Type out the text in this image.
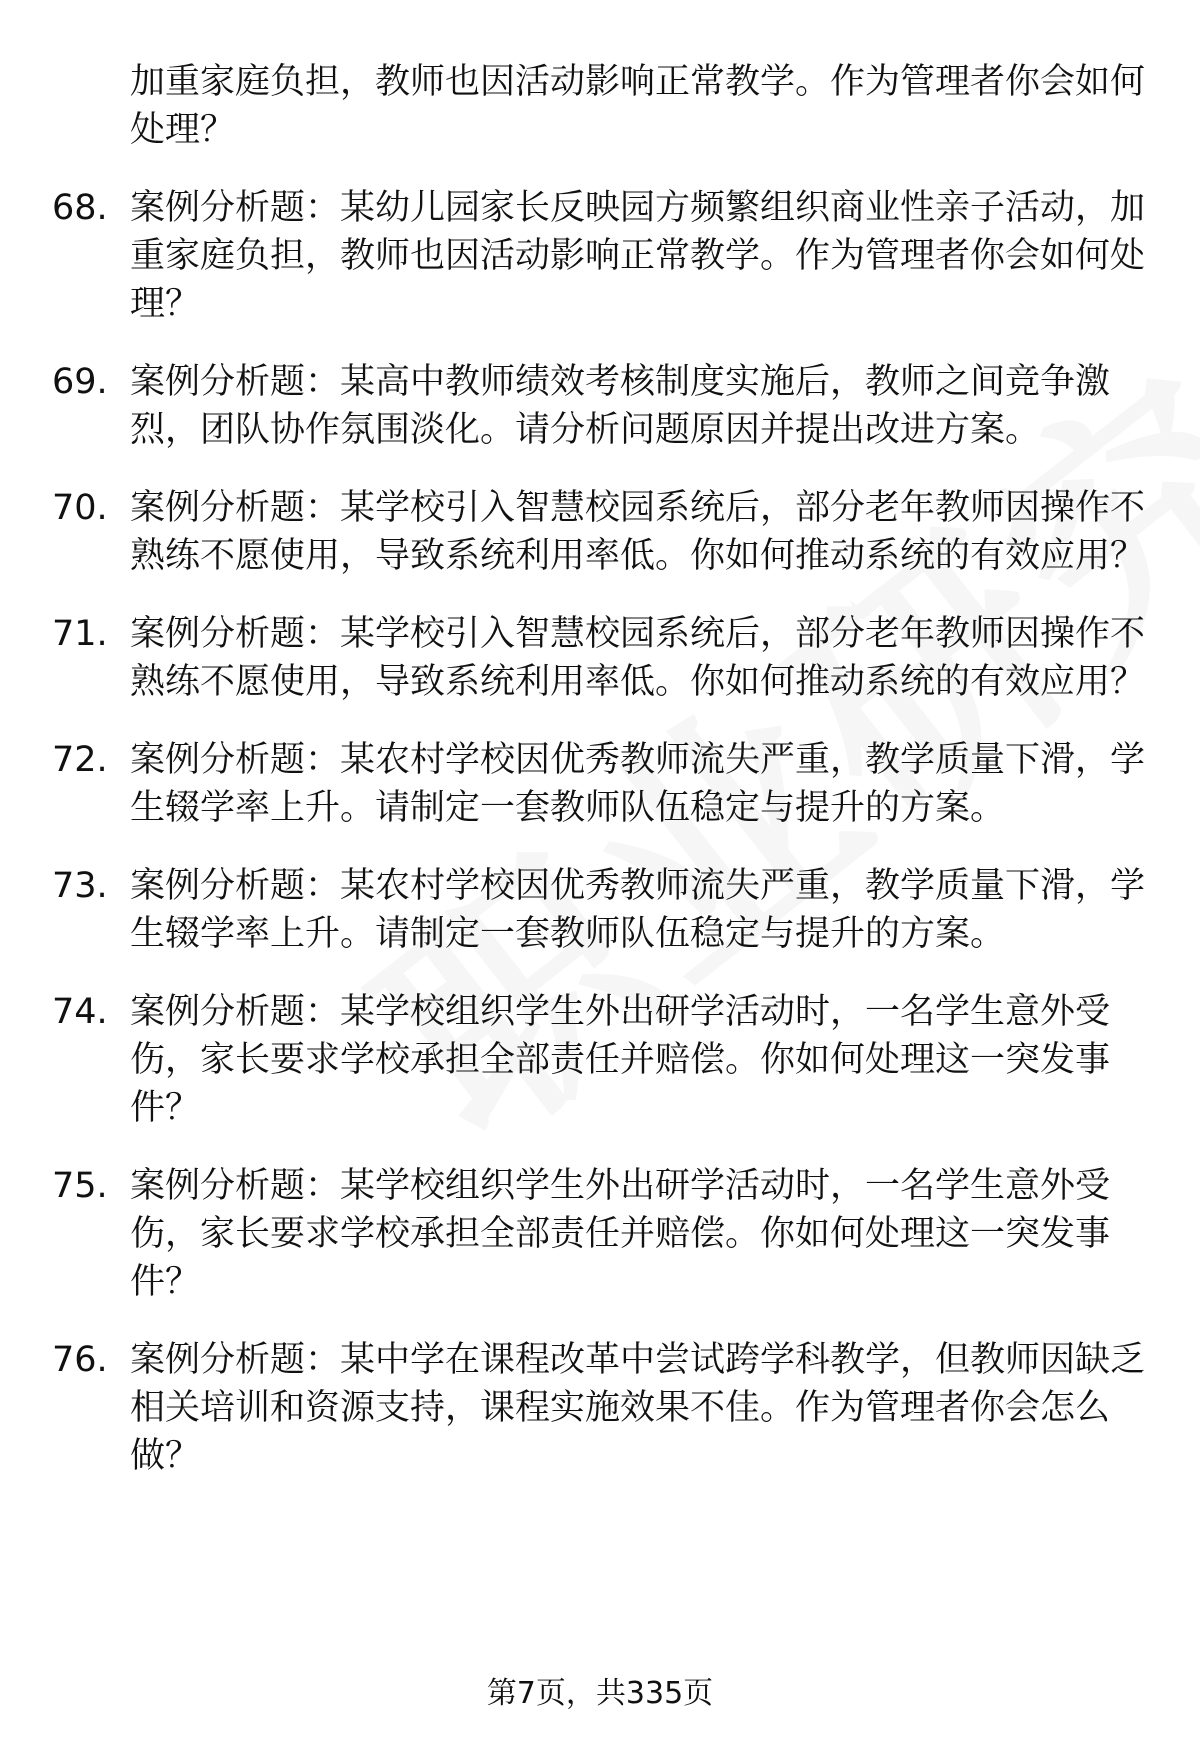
加重家庭负担，教师也因活动影响正常教学。作为管理者你会如何处理？
68. 案例分析题：某幼儿园家长反映园方频繁组织商业性亲子活动，加重家庭负担，教师也因活动影响正常教学。作为管理者你会如何处理？
69. 案例分析题：某高中教师绩效考核制度实施后，教师之间竞争激烈，团队协作氛围淡化。请分析问题原因并提出改进方案。
70. 案例分析题：某学校引入智慧校园系统后，部分老年教师因操作不熟练不愿使用，导致系统利用率低。你如何推动系统的有效应用？
71. 案例分析题：某学校引入智慧校园系统后，部分老年教师因操作不熟练不愿使用，导致系统利用率低。你如何推动系统的有效应用？
72. 案例分析题：某农村学校因优秀教师流失严重，教学质量下滑，学生辍学率上升。请制定一套教师队伍稳定与提升的方案。
73. 案例分析题：某农村学校因优秀教师流失严重，教学质量下滑，学生辍学率上升。请制定一套教师队伍稳定与提升的方案。
74. 案例分析题：某学校组织学生外出研学活动时，一名学生意外受伤，家长要求学校承担全部责任并赔偿。你如何处理这一突发事件？
75. 案例分析题：某学校组织学生外出研学活动时，一名学生意外受伤，家长要求学校承担全部责任并赔偿。你如何处理这一突发事件？
76. 案例分析题：某中学在课程改革中尝试跨学科教学，但教师因缺乏相关培训和资源支持，课程实施效果不佳。作为管理者你会怎么做？
第7页，共335页
